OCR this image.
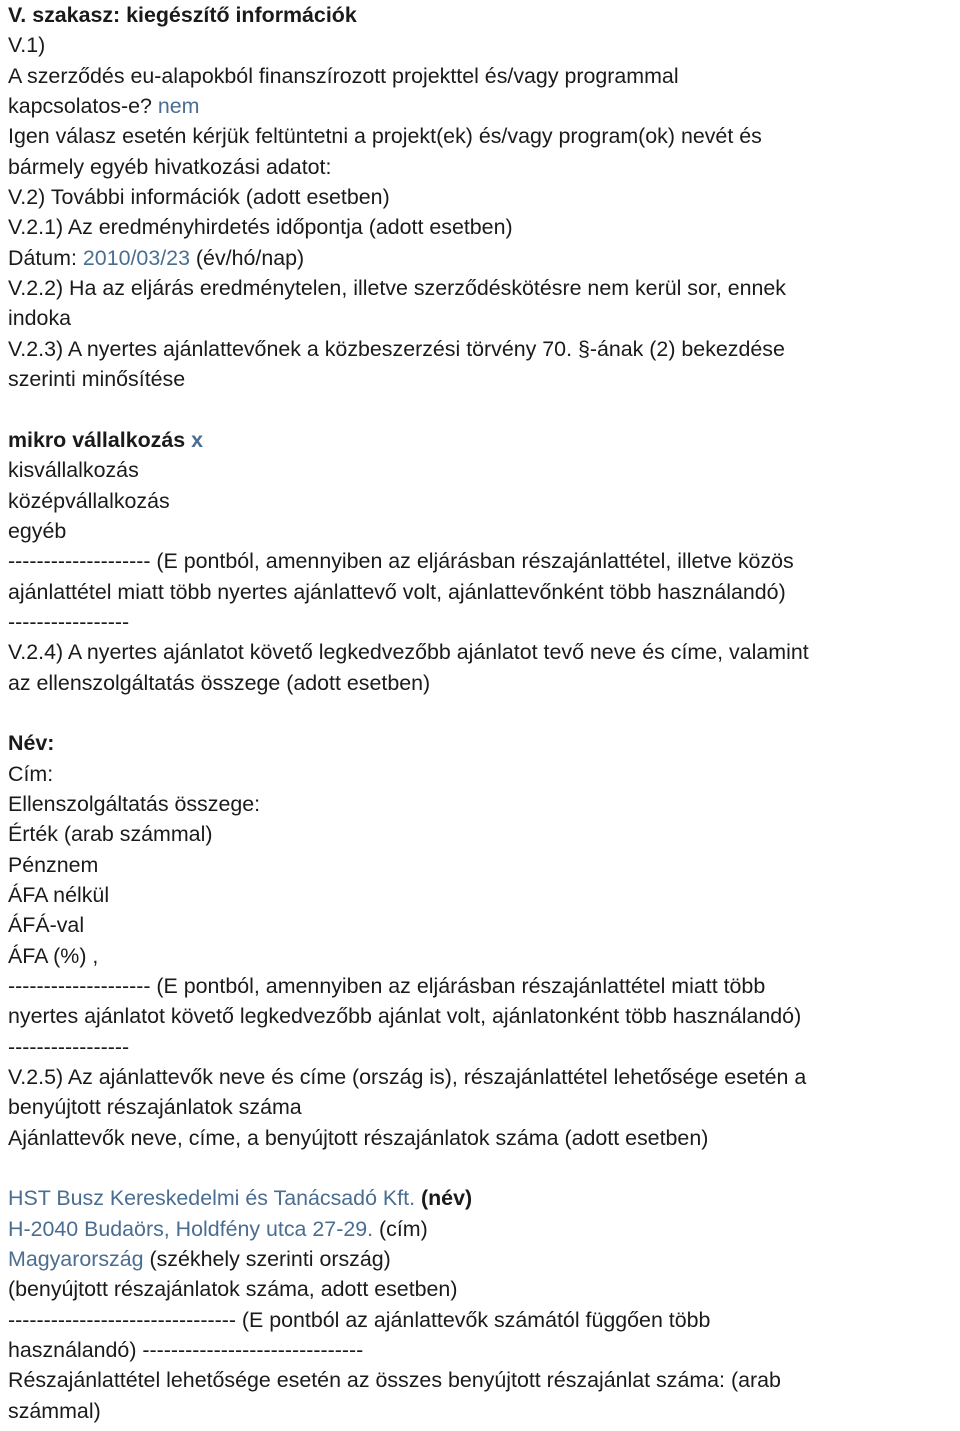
V. szakasz: kiegészítő információk
V.1)
A szerződés eu-alapokból finanszírozott projekttel és/vagy programmal
kapcsolatos-e? nem
Igen válasz esetén kérjük feltüntetni a projekt(ek) és/vagy program(ok) nevét és
bármely egyéb hivatkozási adatot:
V.2) További információk (adott esetben)
V.2.1) Az eredményhirdetés időpontja (adott esetben)
Dátum: 2010/03/23 (év/hó/nap)
V.2.2) Ha az eljárás eredménytelen, illetve szerződéskötésre nem kerül sor, ennek
indoka
V.2.3) A nyertes ajánlattevőnek a közbeszerzési törvény 70. §-ának (2) bekezdése
szerinti minősítése
mikro vállalkozás x
kisvállalkozás
középvállalkozás
egyéb
-------------------- (E pontból, amennyiben az eljárásban részajánlattétel, illetve közös
ajánlattétel miatt több nyertes ajánlattevő volt, ajánlattevőnként több használandó)
-----------------
V.2.4) A nyertes ajánlatot követő legkedvezőbb ajánlatot tevő neve és címe, valamint
az ellenszolgáltatás összege (adott esetben)
Név:
Cím:
Ellenszolgáltatás összege:
Érték (arab számmal)
Pénznem
ÁFA nélkül
ÁFÁ-val
ÁFA (%) ,
-------------------- (E pontból, amennyiben az eljárásban részajánlattétel miatt több
nyertes ajánlatot követő legkedvezőbb ajánlat volt, ajánlatonként több használandó)
-----------------
V.2.5) Az ajánlattevők neve és címe (ország is), részajánlattétel lehetősége esetén a
benyújtott részajánlatok száma
Ajánlattevők neve, címe, a benyújtott részajánlatok száma (adott esetben)
HST Busz Kereskedelmi és Tanácsadó Kft. (név)
H-2040 Budaörs, Holdfény utca 27-29. (cím)
Magyarország (székhely szerinti ország)
(benyújtott részajánlatok száma, adott esetben)
-------------------------------- (E pontból az ajánlattevők számától függően több
használandó) -------------------------------
Részajánlattétel lehetősége esetén az összes benyújtott részajánlat száma: (arab
számmal)
